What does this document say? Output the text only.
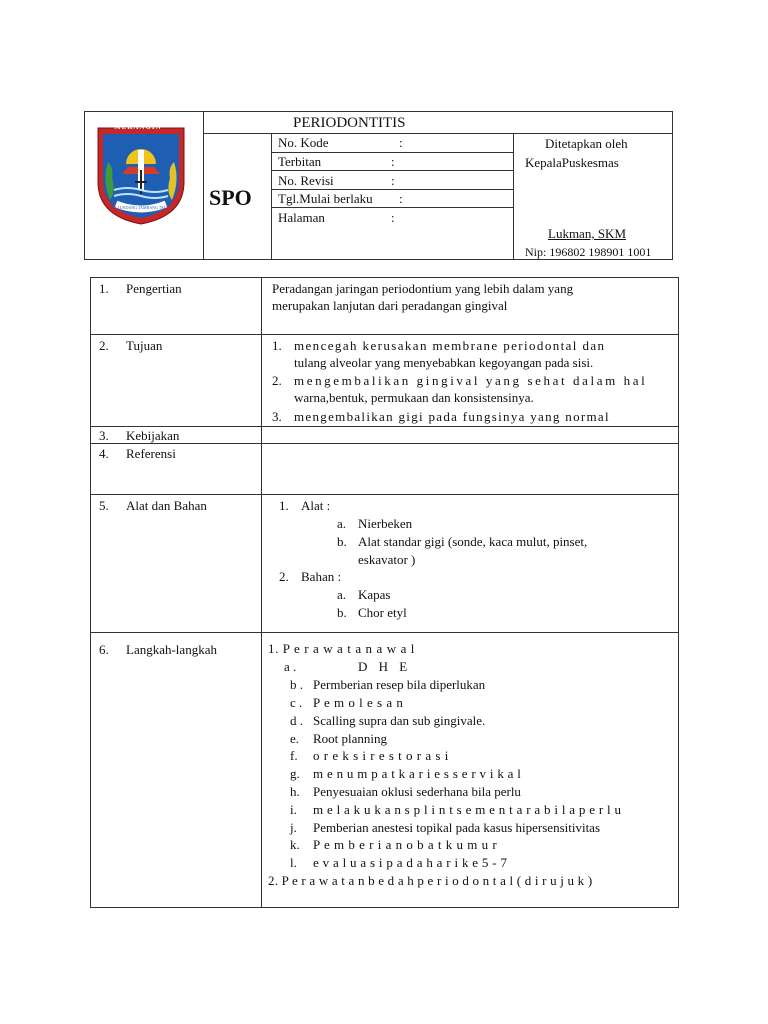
MERANGIN
TALI UNDANG TAMBANG TELITI
PERIODONTITIS
SPO
No. Kode	:
Terbitan	:
No. Revisi	:
Tgl.Mulai berlaku :
Halaman	:
Ditetapkan oleh
KepalaPuskesmas
Lukman, SKM
Nip: 196802 198901 1001
1. Pengertian	Peradangan jaringan periodontium yang lebih dalam yang
merupakan lanjutan dari peradangan gingival
2. Tujuan	1. mencegah kerusakan membrane periodontal dan
tulang alveolar yang menyebabkan kegoyangan pada sisi.
2. mengembalikan gingival yang sehat dalam hal
warna,bentuk, permukaan dan konsistensinya.
3. mengembalikan gigi pada fungsinya yang normal
3. Kebijakan
4. Referensi
5. Alat dan Bahan	1. Alat :
a. Nierbeken
b. Alat standar gigi (sonde, kaca mulut, pinset,
eskavator )
2. Bahan :
a. Kapas
b. Chor etyl
6. Langkah-langkah	1. P e r a w a t a n a w a l
a .	D H E
b . Permberian resep bila diperlukan
c . P e m o l e s a n
d . Scalling supra dan sub gingivale.
e. Root planning
f. o r e k s i r e s t o r a s i
g. m e n u m p a t k a r i e s s e r v i k a l
h. Penyesuaian oklusi sederhana bila perlu
i. m e l a k u k a n s p l i n t s e m e n t a r a b i l a p e r l u
j. Pemberian anestesi topikal pada kasus hipersensitivitas
k. P e m b e r i a n o b a t k u m u r
l. e v a l u a s i p a d a h a r i k e 5 - 7
2. P e r a w a t a n b e d a h p e r i o d o n t a l ( d i r u j u k )
